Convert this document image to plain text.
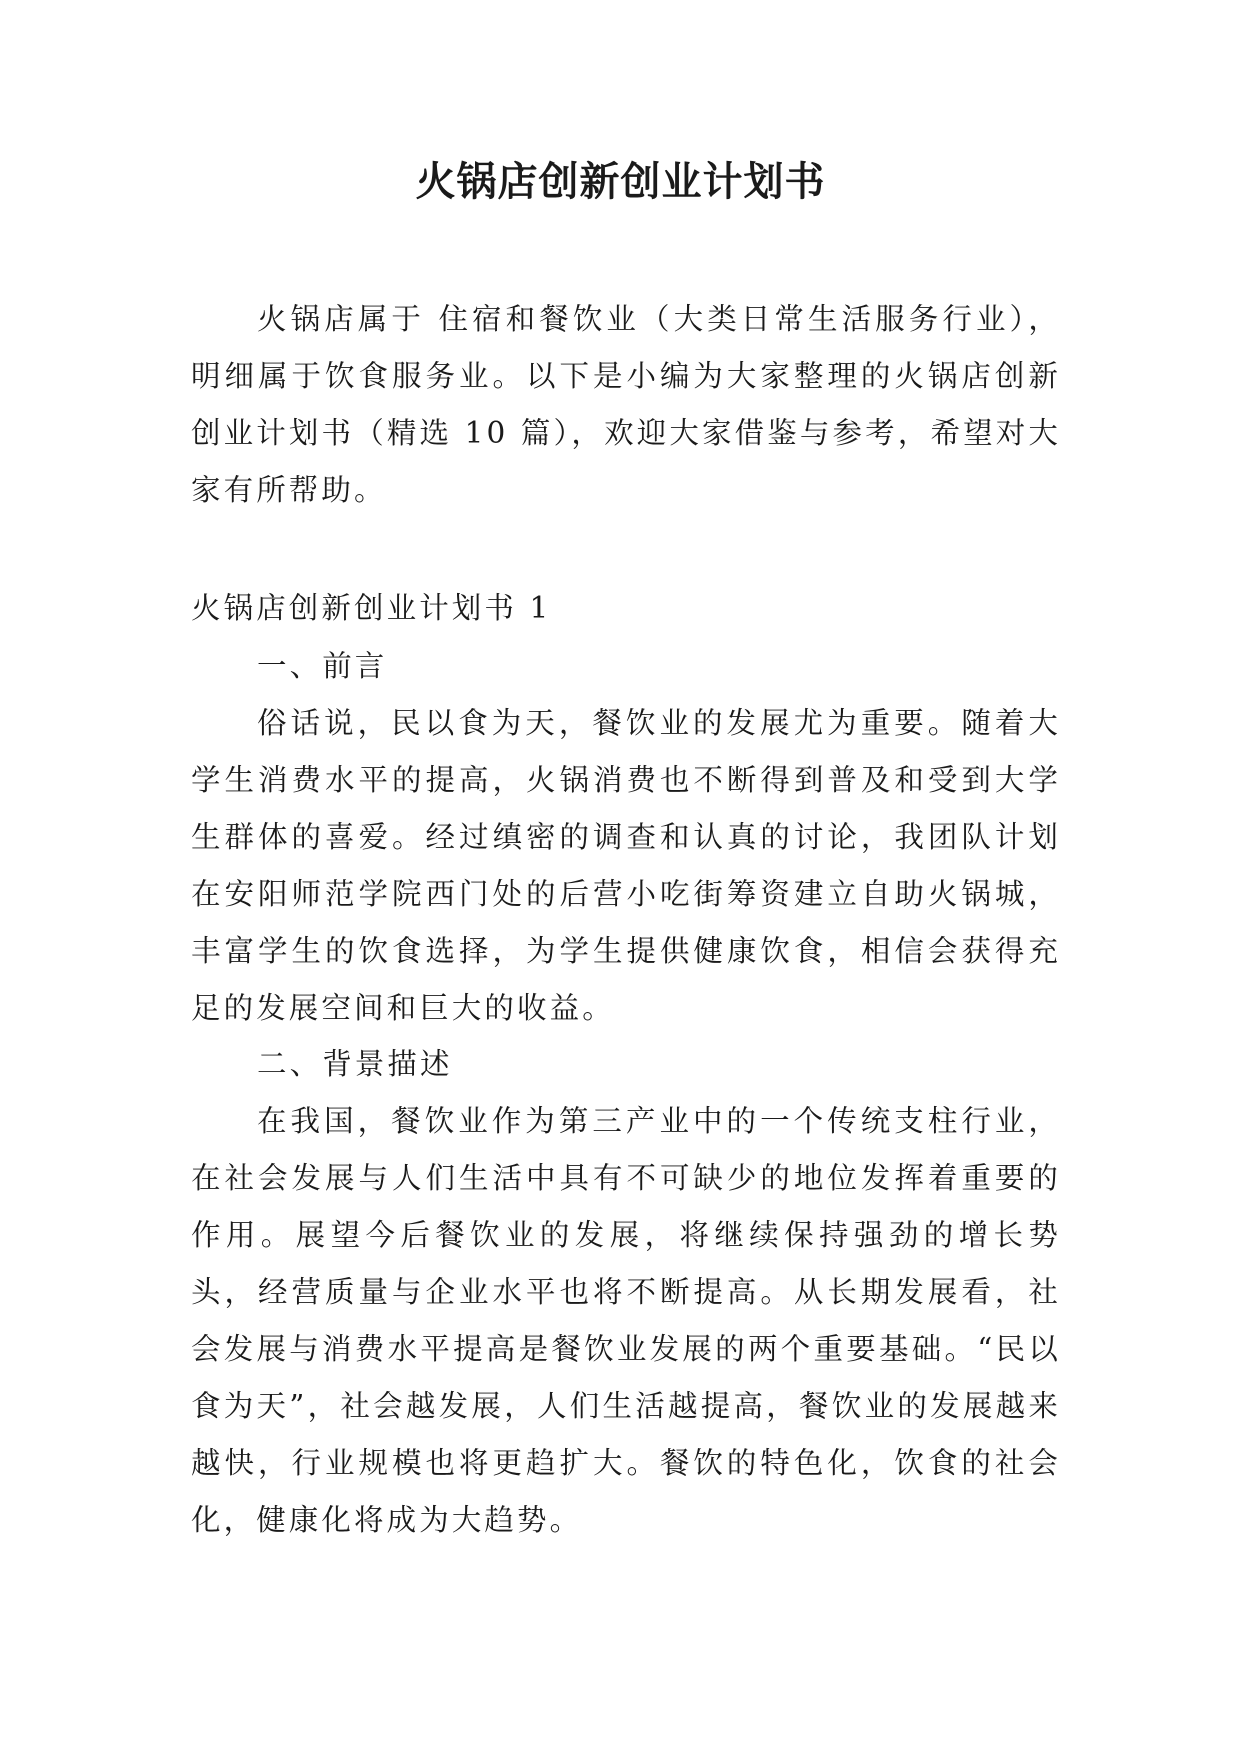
火锅店创新创业计划书

火锅店属于 住宿和餐饮业（大类日常生活服务行业），明细属于饮食服务业。以下是小编为大家整理的火锅店创新创业计划书（精选 10 篇），欢迎大家借鉴与参考，希望对大家有所帮助。

火锅店创新创业计划书 1

一、前言

俗话说，民以食为天，餐饮业的发展尤为重要。随着大学生消费水平的提高，火锅消费也不断得到普及和受到大学生群体的喜爱。经过缜密的调查和认真的讨论，我团队计划在安阳师范学院西门处的后营小吃街筹资建立自助火锅城，丰富学生的饮食选择，为学生提供健康饮食，相信会获得充足的发展空间和巨大的收益。

二、背景描述

在我国，餐饮业作为第三产业中的一个传统支柱行业，在社会发展与人们生活中具有不可缺少的地位发挥着重要的作用。展望今后餐饮业的发展，将继续保持强劲的增长势头，经营质量与企业水平也将不断提高。从长期发展看，社会发展与消费水平提高是餐饮业发展的两个重要基础。“民以食为天”，社会越发展，人们生活越提高，餐饮业的发展越来越快，行业规模也将更趋扩大。餐饮的特色化，饮食的社会化，健康化将成为大趋势。
